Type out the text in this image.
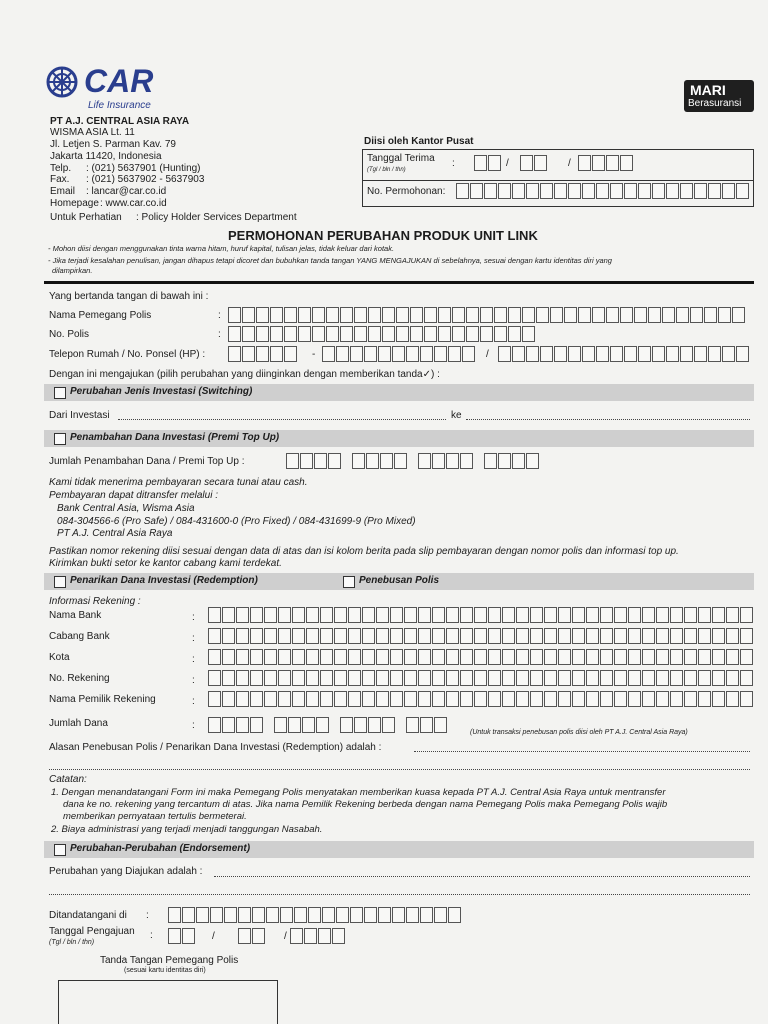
CAR
Life Insurance
PT A.J. CENTRAL ASIA RAYA
WISMA ASIA Lt. 11
Jl. Letjen S. Parman Kav. 79
Jakarta 11420, Indonesia
Telp. : (021) 5637901 (Hunting)
Fax. : (021) 5637902 - 5637903
Email : lancar@car.co.id
Homepage : www.car.co.id
Untuk Perhatian : Policy Holder Services Department
MARI
Berasuransi
Diisi oleh Kantor Pusat
Tanggal Terima
(Tgl / bln / thn)
:	/	/
No. Permohonan:
PERMOHONAN PERUBAHAN PRODUK UNIT LINK
- Mohon diisi dengan menggunakan tinta warna hitam, huruf kapital, tulisan jelas, tidak keluar dari kotak.
- Jika terjadi kesalahan penulisan, jangan dihapus tetapi dicoret dan bubuhkan tanda tangan YANG MENGAJUKAN di sebelahnya, sesuai dengan kartu identitas diri yang
dilampirkan.
Yang bertanda tangan di bawah ini :
Nama Pemegang Polis	:
No. Polis	:
Telepon Rumah / No. Ponsel (HP) :	-	/
Dengan ini mengajukan (pilih perubahan yang diinginkan dengan memberikan tanda✓) :
Perubahan Jenis Investasi (Switching)
Dari Investasi	ke
Penambahan Dana Investasi (Premi Top Up)
Jumlah Penambahan Dana / Premi Top Up :
Kami tidak menerima pembayaran secara tunai atau cash.
Pembayaran dapat ditransfer melalui :
Bank Central Asia, Wisma Asia
084-304566-6 (Pro Safe) / 084-431600-0 (Pro Fixed) / 084-431699-9 (Pro Mixed)
PT A.J. Central Asia Raya
Pastikan nomor rekening diisi sesuai dengan data di atas dan isi kolom berita pada slip pembayaran dengan nomor polis dan informasi top up.
Kirimkan bukti setor ke kantor cabang kami terdekat.
Penarikan Dana Investasi (Redemption)	Penebusan Polis
Informasi Rekening :
Nama Bank	:
Cabang Bank	:
Kota	:
No. Rekening	:
Nama Pemilik Rekening	:
Jumlah Dana	:
(Untuk transaksi penebusan polis diisi oleh PT A.J. Central Asia Raya)
Alasan Penebusan Polis / Penarikan Dana Investasi (Redemption) adalah :
Catatan:
1. Dengan menandatangani Form ini maka Pemegang Polis menyatakan memberikan kuasa kepada PT A.J. Central Asia Raya untuk mentransfer
dana ke no. rekening yang tercantum di atas. Jika nama Pemilik Rekening berbeda dengan nama Pemegang Polis maka Pemegang Polis wajib
memberikan pernyataan tertulis bermeterai.
2. Biaya administrasi yang terjadi menjadi tanggungan Nasabah.
Perubahan-Perubahan (Endorsement)
Perubahan yang Diajukan adalah :
Ditandatangani di :
Tanggal Pengajuan
(Tgl / bln / thn)
:	/	/
Tanda Tangan Pemegang Polis
(sesuai kartu identitas diri)
